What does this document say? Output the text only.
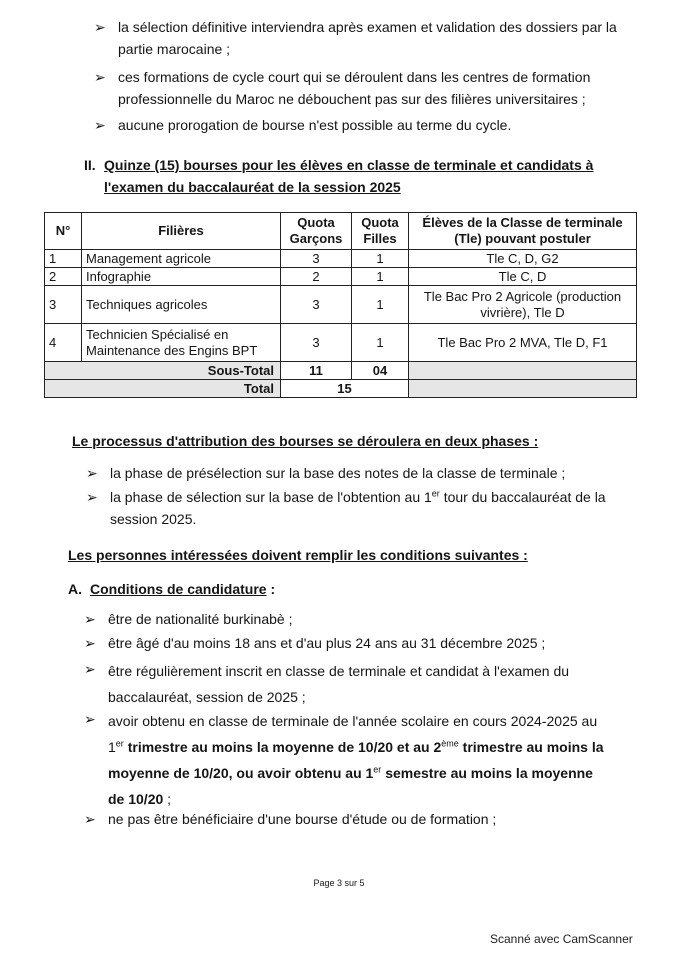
➢ la sélection définitive interviendra après examen et validation des dossiers par la partie marocaine ;
➢ ces formations de cycle court qui se déroulent dans les centres de formation professionnelle du Maroc ne débouchent pas sur des filières universitaires ;
➢ aucune prorogation de bourse n'est possible au terme du cycle.
II. Quinze (15) bourses pour les élèves en classe de terminale et candidats à l'examen du baccalauréat de la session 2025
N°	Filières	Quota Garçons	Quota Filles	Élèves de la Classe de terminale (Tle) pouvant postuler
1	Management agricole	3	1	Tle C, D, G2
2	Infographie	2	1	Tle C, D
3	Techniques agricoles	3	1	Tle Bac Pro 2 Agricole (production vivrière), Tle D
4	Technicien Spécialisé en Maintenance des Engins BPT	3	1	Tle Bac Pro 2 MVA, Tle D, F1
Sous-Total		11	04	
Total		15		
Le processus d'attribution des bourses se déroulera en deux phases :
➢ la phase de présélection sur la base des notes de la classe de terminale ;
➢ la phase de sélection sur la base de l'obtention au 1er tour du baccalauréat de la session 2025.
Les personnes intéressées doivent remplir les conditions suivantes :
A. Conditions de candidature :
➢ être de nationalité burkinabè ;
➢ être âgé d'au moins 18 ans et d'au plus 24 ans au 31 décembre 2025 ;
➢ être régulièrement inscrit en classe de terminale et candidat à l'examen du baccalauréat, session de 2025 ;
➢ avoir obtenu en classe de terminale de l'année scolaire en cours 2024-2025 au 1er trimestre au moins la moyenne de 10/20 et au 2ème trimestre au moins la moyenne de 10/20, ou avoir obtenu au 1er semestre au moins la moyenne de 10/20 ;
➢ ne pas être bénéficiaire d'une bourse d'étude ou de formation ;
Page 3 sur 5
Scanné avec CamScanner
